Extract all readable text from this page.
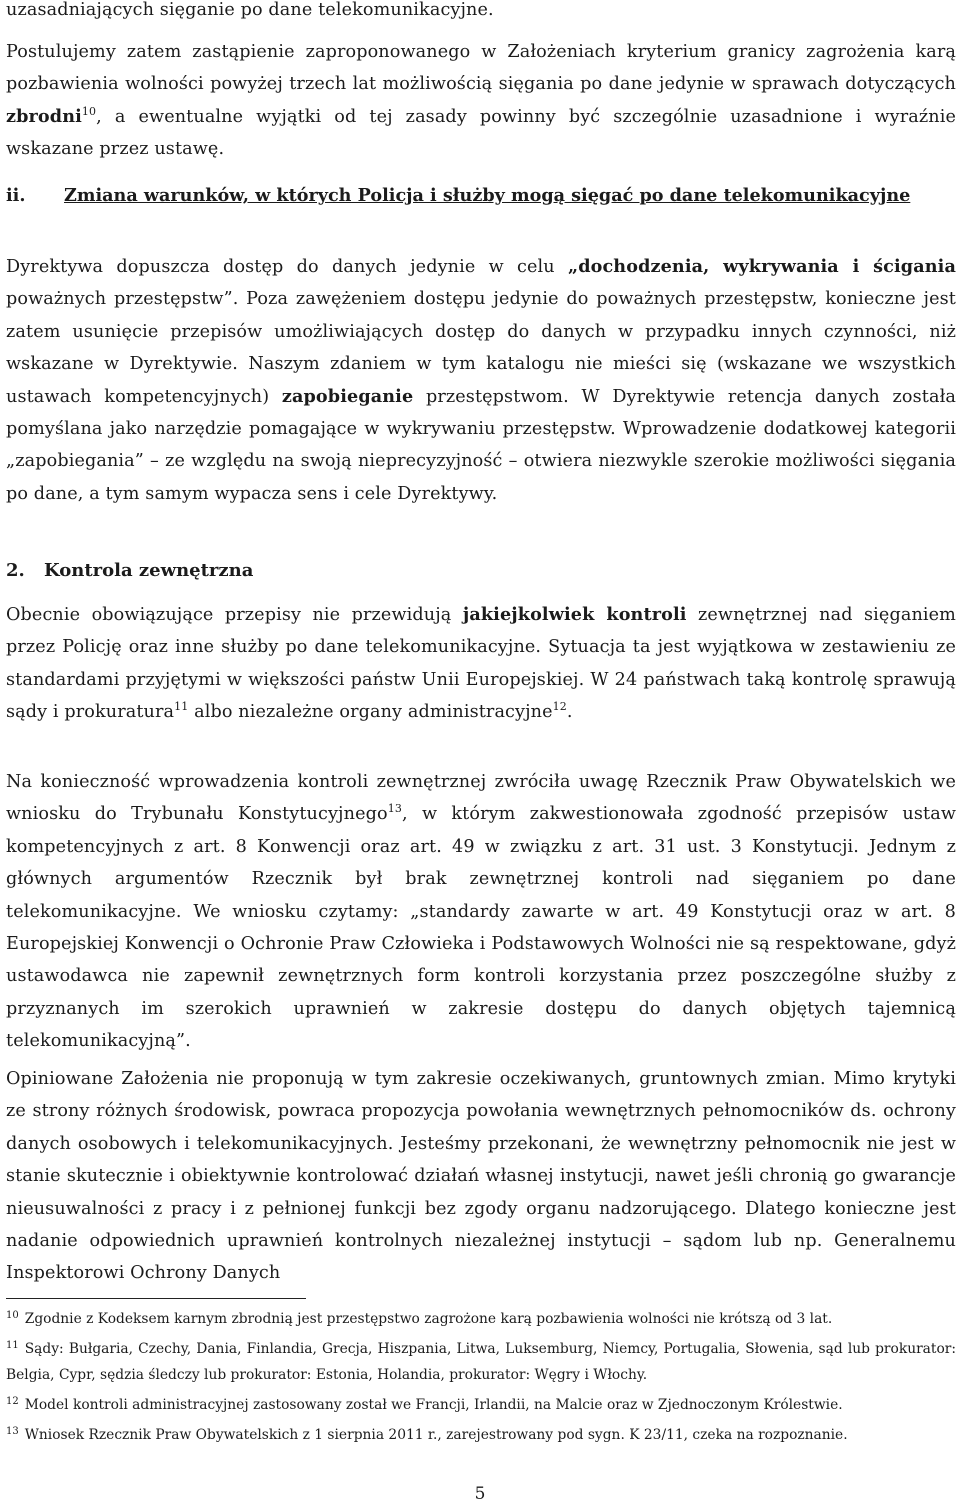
uzasadniających sięganie po dane telekomunikacyjne.

Postulujemy zatem zastąpienie zaproponowanego w Założeniach kryterium granicy zagrożenia karą pozbawienia wolności powyżej trzech lat możliwością sięgania po dane jedynie w sprawach dotyczących zbrodni$^{10}$, a ewentualne wyjątki od tej zasady powinny być szczególnie uzasadnione i wyraźnie wskazane przez ustawę.

ii. Zmiana warunków, w których Policja i służby mogą sięgać po dane telekomunikacyjne

Dyrektywa dopuszcza dostęp do danych jedynie w celu „dochodzenia, wykrywania i ścigania poważnych przestępstw”. Poza zawężeniem dostępu jedynie do poważnych przestępstw, konieczne jest zatem usunięcie przepisów umożliwiających dostęp do danych w przypadku innych czynności, niż wskazane w Dyrektywie. Naszym zdaniem w tym katalogu nie mieści się (wskazane we wszystkich ustawach kompetencyjnych) zapobieganie przestępstwom. W Dyrektywie retencja danych została pomyślana jako narzędzie pomagające w wykrywaniu przestępstw. Wprowadzenie dodatkowej kategorii „zapobiegania” – ze względu na swoją nieprecyzyjność – otwiera niezwykle szerokie możliwości sięgania po dane, a tym samym wypacza sens i cele Dyrektywy.

2. Kontrola zewnętrzna

Obecnie obowiązujące przepisy nie przewidują jakiejkolwiek kontroli zewnętrznej nad sięganiem przez Policję oraz inne służby po dane telekomunikacyjne. Sytuacja ta jest wyjątkowa w zestawieniu ze standardami przyjętymi w większości państw Unii Europejskiej. W 24 państwach taką kontrolę sprawują sądy i prokuratura$^{11}$ albo niezależne organy administracyjne$^{12}$.

Na konieczność wprowadzenia kontroli zewnętrznej zwróciła uwagę Rzecznik Praw Obywatelskich we wniosku do Trybunału Konstytucyjnego$^{13}$, w którym zakwestionowała zgodność przepisów ustaw kompetencyjnych z art. 8 Konwencji oraz art. 49 w związku z art. 31 ust. 3 Konstytucji. Jednym z głównych argumentów Rzecznik był brak zewnętrznej kontroli nad sięganiem po dane telekomunikacyjne. We wniosku czytamy: „standardy zawarte w art. 49 Konstytucji oraz w art. 8 Europejskiej Konwencji o Ochronie Praw Człowieka i Podstawowych Wolności nie są respektowane, gdyż ustawodawca nie zapewnił zewnętrznych form kontroli korzystania przez poszczególne służby z przyznanych im szerokich uprawnień w zakresie dostępu do danych objętych tajemnicą telekomunikacyjną”.

Opiniowane Założenia nie proponują w tym zakresie oczekiwanych, gruntownych zmian. Mimo krytyki ze strony różnych środowisk, powraca propozycja powołania wewnętrznych pełnomocników ds. ochrony danych osobowych i telekomunikacyjnych. Jesteśmy przekonani, że wewnętrzny pełnomocnik nie jest w stanie skutecznie i obiektywnie kontrolować działań własnej instytucji, nawet jeśli chronią go gwarancje nieusuwalności z pracy i z pełnionej funkcji bez zgody organu nadzorującego. Dlatego konieczne jest nadanie odpowiednich uprawnień kontrolnych niezależnej instytucji – sądom lub np. Generalnemu Inspektorowi Ochrony Danych

$^{10}$ Zgodnie z Kodeksem karnym zbrodnią jest przestępstwo zagrożone karą pozbawienia wolności nie krótszą od 3 lat.

$^{11}$ Sądy: Bułgaria, Czechy, Dania, Finlandia, Grecja, Hiszpania, Litwa, Luksemburg, Niemcy, Portugalia, Słowenia, sąd lub prokurator: Belgia, Cypr, sędzia śledczy lub prokurator: Estonia, Holandia, prokurator: Węgry i Włochy.

$^{12}$ Model kontroli administracyjnej zastosowany został we Francji, Irlandii, na Malcie oraz w Zjednoczonym Królestwie.

$^{13}$ Wniosek Rzecznik Praw Obywatelskich z 1 sierpnia 2011 r., zarejestrowany pod sygn. K 23/11, czeka na rozpoznanie.

5
